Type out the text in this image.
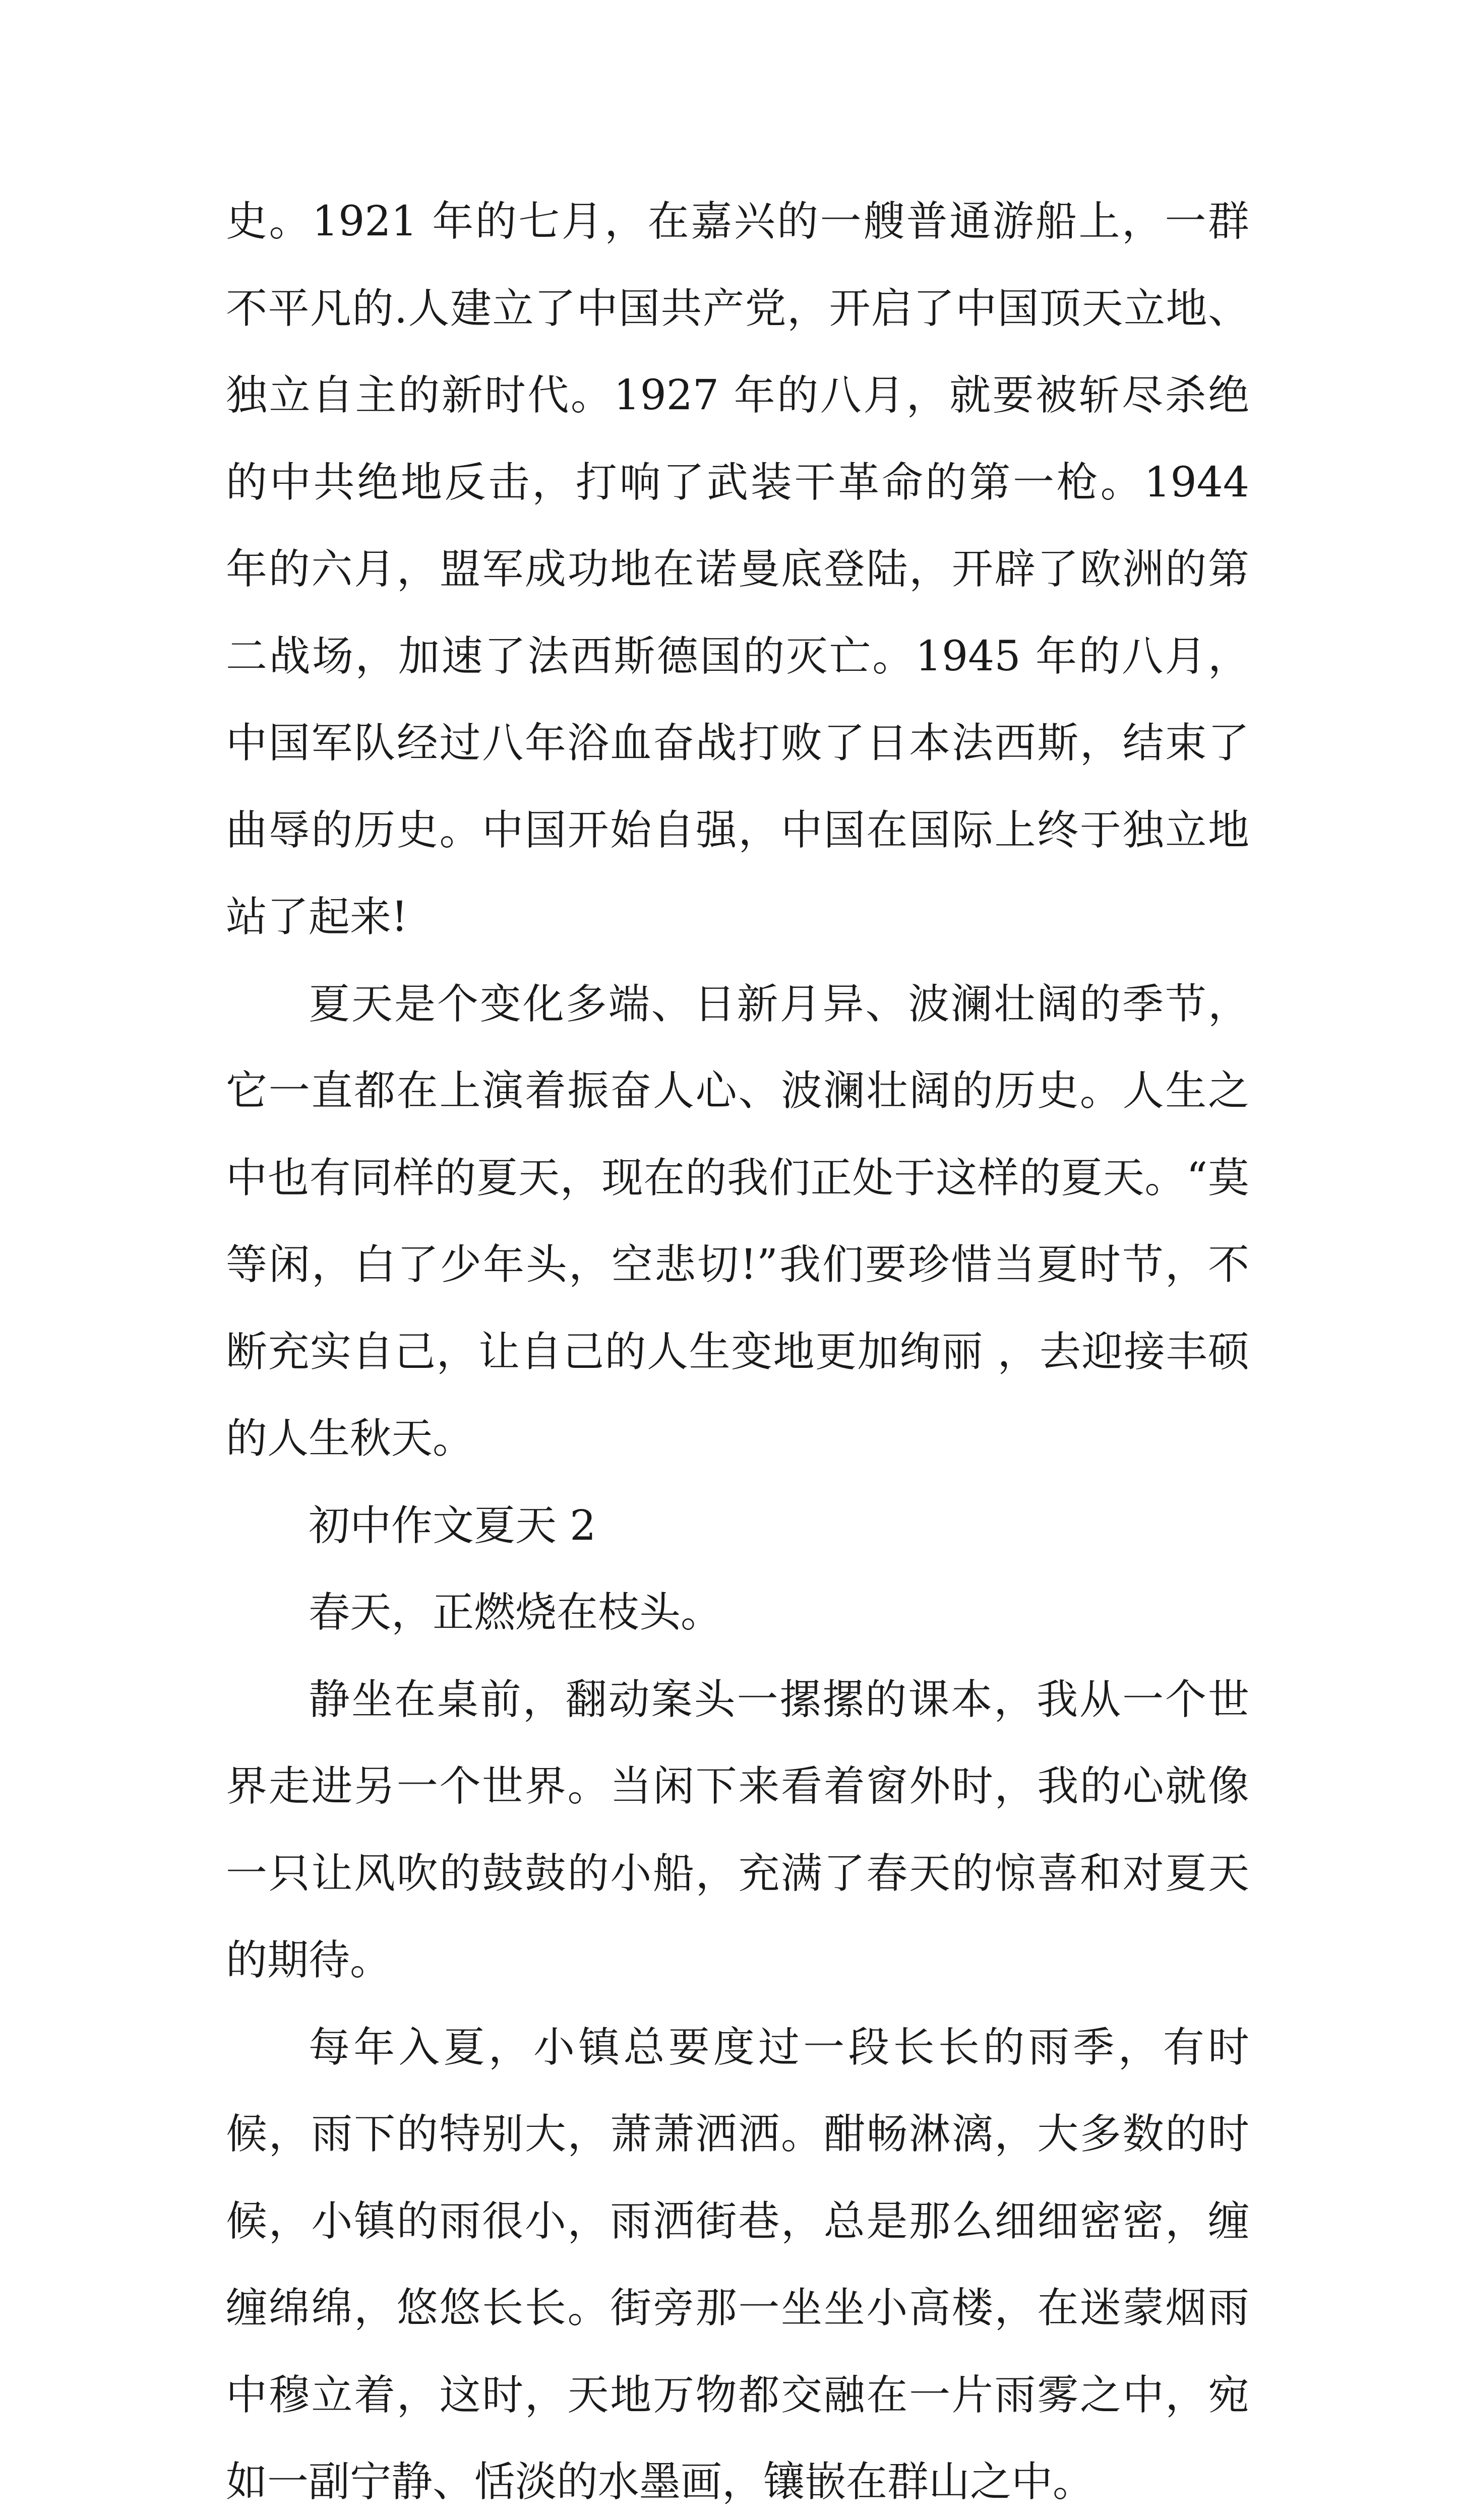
史。1921 年的七月，在嘉兴的一艘普通游船上，一群不平凡的.人建立了中国共产党，开启了中国顶天立地、独立自主的新时代。1927 年的八月，就要被斩尽杀绝的中共绝地反击，打响了武装干革命的第一枪。1944 年的六月，盟军成功地在诺曼底登陆，开辟了欧洲的第二战场，加速了法西斯德国的灭亡。1945 年的八月，中国军队经过八年浴血奋战打败了日本法西斯，结束了曲辱的历史。中国开始自强，中国在国际上终于独立地站了起来!

夏天是个变化多端、日新月异、波澜壮阔的季节，它一直都在上演着振奋人心、波澜壮阔的历史。人生之中也有同样的夏天，现在的我们正处于这样的夏天。“莫等闲，白了少年头，空悲切!”我们要珍惜当夏时节，不断充实自己，让自己的人生变地更加绚丽 ，去迎接丰硕的人生秋天。

初中作文夏天 2

春天，正燃烧在枝头。

静坐在桌前，翻动案头一摞摞的课本，我从一个世界走进另一个世界。当闲下来看着窗外时，我的心就像一只让风吹的鼓鼓的小船，充满了春天的惊喜和对夏天的期待。

每年入夏，小镇总要度过一段长长的雨季，有时候，雨下的特别大，萧萧洒洒。酣畅淋漓，大多数的时候，小镇的雨很小，雨洒街巷，总是那么细细密密，缠缠绵绵，悠悠长长。街旁那一坐坐小高楼，在迷蒙烟雨中穆立着，这时，天地万物都交融在一片雨雾之中，宛如一副宁静、恬淡的水墨画，镶嵌在群山之中。
